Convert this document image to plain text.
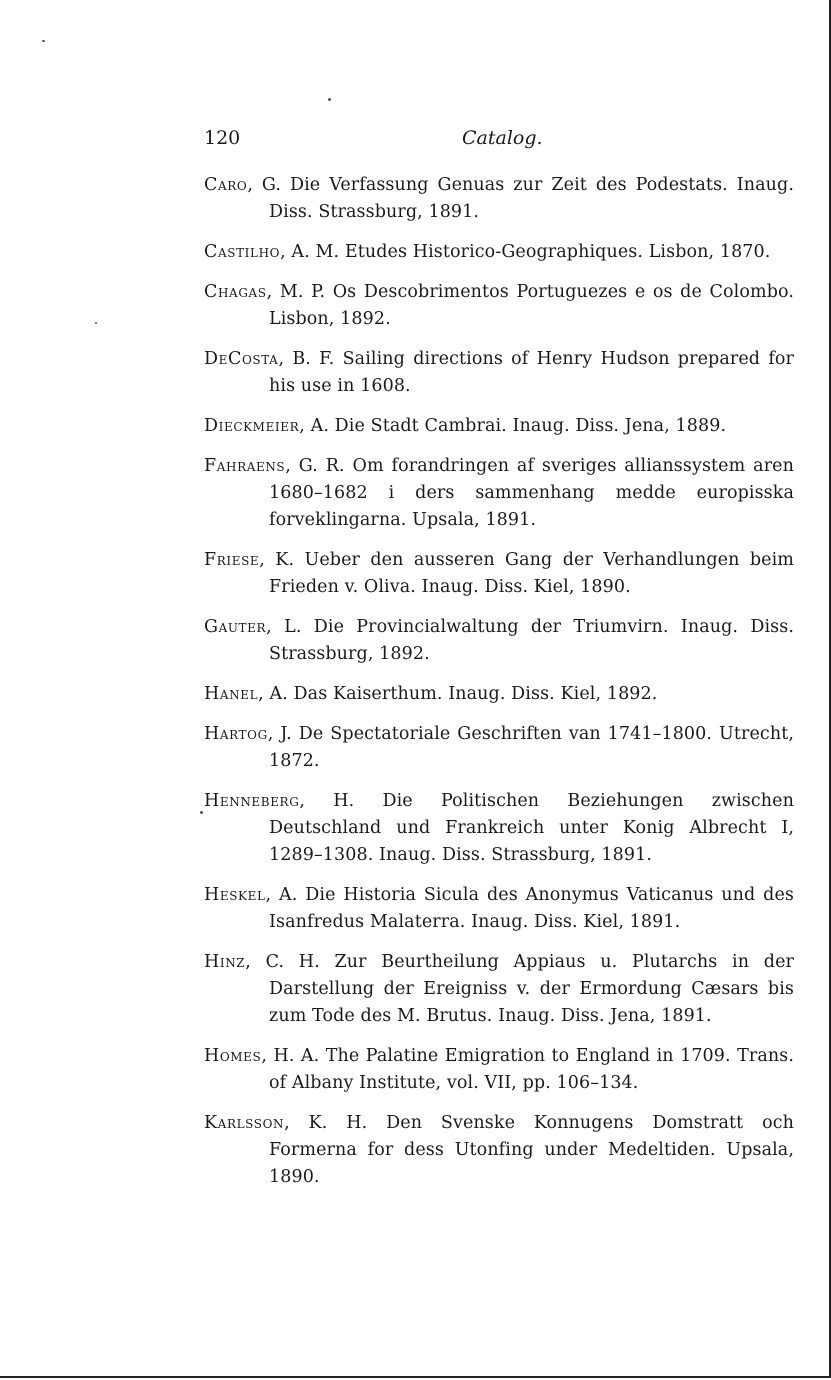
120	Catalog.

Caro, G. Die Verfassung Genuas zur Zeit des Podestats. Inaug. Diss. Strassburg, 1891.

Castilho, A. M. Etudes Historico-Geographiques. Lisbon, 1870.

Chagas, M. P. Os Descobrimentos Portuguezes e os de Colombo. Lisbon, 1892.

DeCosta, B. F. Sailing directions of Henry Hudson prepared for his use in 1608.

Dieckmeier, A. Die Stadt Cambrai. Inaug. Diss. Jena, 1889.

Fahraens, G. R. Om forandringen af sveriges allianssystem aren 1680–1682 i ders sammenhang medde europisska forveklingarna. Upsala, 1891.

Friese, K. Ueber den ausseren Gang der Verhandlungen beim Frieden v. Oliva. Inaug. Diss. Kiel, 1890.

Gauter, L. Die Provincialwaltung der Triumvirn. Inaug. Diss. Strassburg, 1892.

Hanel, A. Das Kaiserthum. Inaug. Diss. Kiel, 1892.

Hartog, J. De Spectatoriale Geschriften van 1741–1800. Utrecht, 1872.

Henneberg, H. Die Politischen Beziehungen zwischen Deutschland und Frankreich unter Konig Albrecht I, 1289–1308. Inaug. Diss. Strassburg, 1891.

Heskel, A. Die Historia Sicula des Anonymus Vaticanus und des Isanfredus Malaterra. Inaug. Diss. Kiel, 1891.

Hinz, C. H. Zur Beurtheilung Appiaus u. Plutarchs in der Darstellung der Ereigniss v. der Ermordung Cæsars bis zum Tode des M. Brutus. Inaug. Diss. Jena, 1891.

Homes, H. A. The Palatine Emigration to England in 1709. Trans. of Albany Institute, vol. VII, pp. 106–134.

Karlsson, K. H. Den Svenske Konnugens Domstratt och Formerna for dess Utonfing under Medeltiden. Upsala, 1890.
